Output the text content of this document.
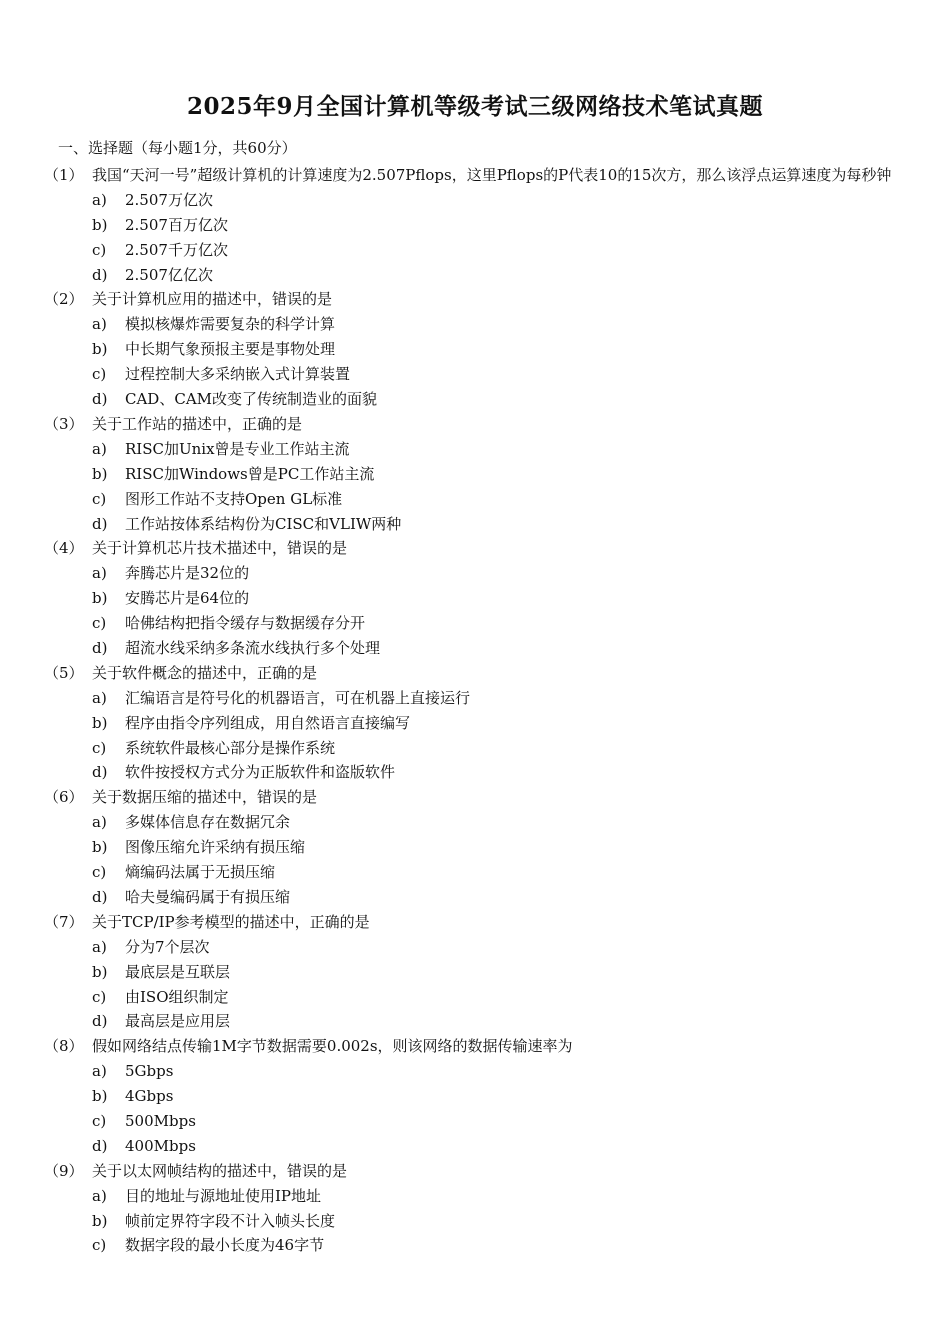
2025年9月全国计算机等级考试三级网络技术笔试真题

一、选择题（每小题1分，共60分）

（1） 我国“天河一号”超级计算机的计算速度为2.507Pflops，这里Pflops的P代表10的15次方，那么该浮点运算速度为每秒钟
a) 2.507万亿次
b) 2.507百万亿次
c) 2.507千万亿次
d) 2.507亿亿次
（2） 关于计算机应用的描述中，错误的是
a) 模拟核爆炸需要复杂的科学计算
b) 中长期气象预报主要是事物处理
c) 过程控制大多采纳嵌入式计算装置
d) CAD、CAM改变了传统制造业的面貌
（3） 关于工作站的描述中，正确的是
a) RISC加Unix曾是专业工作站主流
b) RISC加Windows曾是PC工作站主流
c) 图形工作站不支持Open GL标准
d) 工作站按体系结构份为CISC和VLIW两种
（4） 关于计算机芯片技术描述中，错误的是
a) 奔腾芯片是32位的
b) 安腾芯片是64位的
c) 哈佛结构把指令缓存与数据缓存分开
d) 超流水线采纳多条流水线执行多个处理
（5） 关于软件概念的描述中，正确的是
a) 汇编语言是符号化的机器语言，可在机器上直接运行
b) 程序由指令序列组成，用自然语言直接编写
c) 系统软件最核心部分是操作系统
d) 软件按授权方式分为正版软件和盗版软件
（6） 关于数据压缩的描述中，错误的是
a) 多媒体信息存在数据冗余
b) 图像压缩允许采纳有损压缩
c) 熵编码法属于无损压缩
d) 哈夫曼编码属于有损压缩
（7） 关于TCP/IP参考模型的描述中，正确的是
a) 分为7个层次
b) 最底层是互联层
c) 由ISO组织制定
d) 最高层是应用层
（8） 假如网络结点传输1M字节数据需要0.002s，则该网络的数据传输速率为
a) 5Gbps
b) 4Gbps
c) 500Mbps
d) 400Mbps
（9） 关于以太网帧结构的描述中，错误的是
a) 目的地址与源地址使用IP地址
b) 帧前定界符字段不计入帧头长度
c) 数据字段的最小长度为46字节
